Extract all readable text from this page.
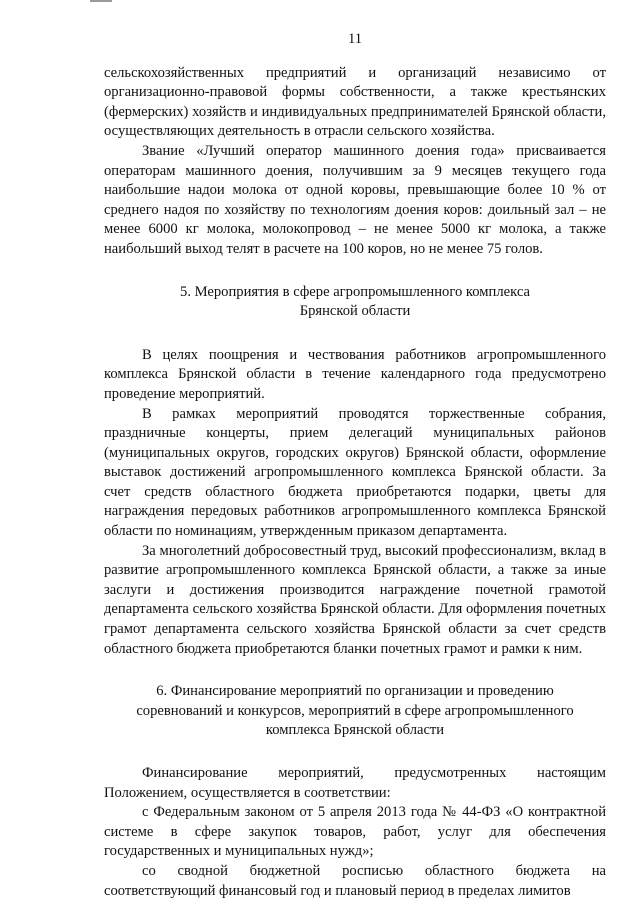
11

сельскохозяйственных предприятий и организаций независимо от организационно-правовой формы собственности, а также крестьянских (фермерских) хозяйств и индивидуальных предпринимателей Брянской области, осуществляющих деятельность в отрасли сельского хозяйства.

Звание «Лучший оператор машинного доения года» присваивается операторам машинного доения, получившим за 9 месяцев текущего года наибольшие надои молока от одной коровы, превышающие более 10 % от среднего надоя по хозяйству по технологиям доения коров: доильный зал – не менее 6000 кг молока, молокопровод – не менее 5000 кг молока, а также наибольший выход телят в расчете на 100 коров, но не менее 75 голов.

5. Мероприятия в сфере агропромышленного комплекса
Брянской области

В целях поощрения и чествования работников агропромышленного комплекса Брянской области в течение календарного года предусмотрено проведение мероприятий.

В рамках мероприятий проводятся торжественные собрания, праздничные концерты, прием делегаций муниципальных районов (муниципальных округов, городских округов) Брянской области, оформление выставок достижений агропромышленного комплекса Брянской области. За счет средств областного бюджета приобретаются подарки, цветы для награждения передовых работников агропромышленного комплекса Брянской области по номинациям, утвержденным приказом департамента.

За многолетний добросовестный труд, высокий профессионализм, вклад в развитие агропромышленного комплекса Брянской области, а также за иные заслуги и достижения производится награждение почетной грамотой департамента сельского хозяйства Брянской области. Для оформления почетных грамот департамента сельского хозяйства Брянской области за счет средств областного бюджета приобретаются бланки почетных грамот и рамки к ним.

6. Финансирование мероприятий по организации и проведению
соревнований и конкурсов, мероприятий в сфере агропромышленного
комплекса Брянской области

Финансирование мероприятий, предусмотренных настоящим Положением, осуществляется в соответствии:

с Федеральным законом от 5 апреля 2013 года № 44-ФЗ «О контрактной системе в сфере закупок товаров, работ, услуг для обеспечения государственных и муниципальных нужд»;

со сводной бюджетной росписью областного бюджета на соответствующий финансовый год и плановый период в пределах лимитов
